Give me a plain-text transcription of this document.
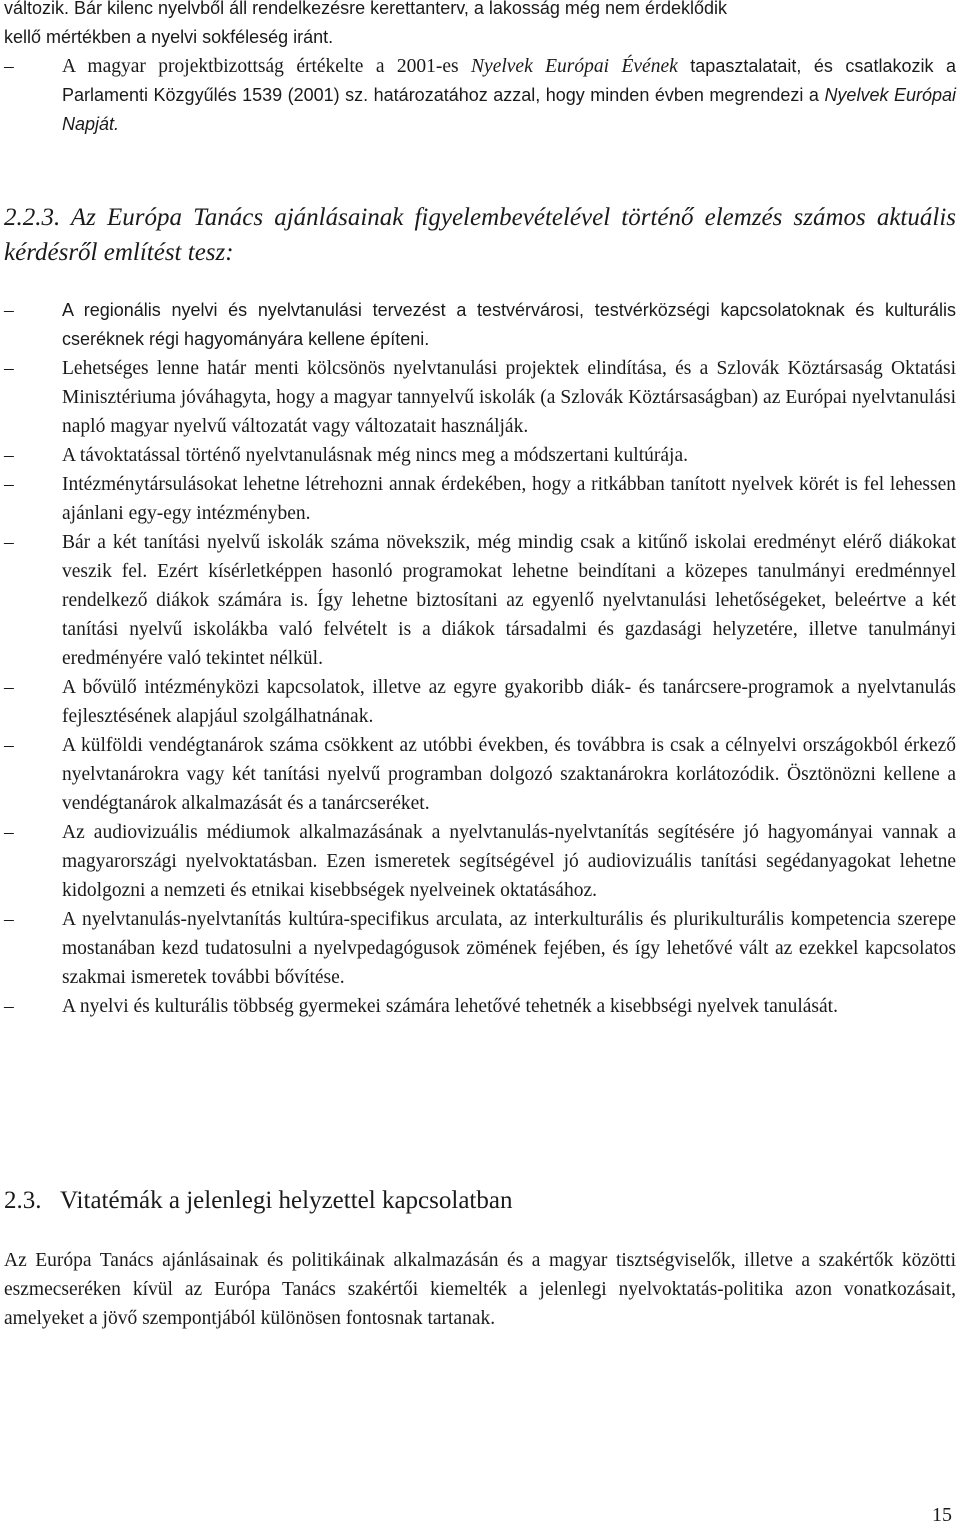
változik. Bár kilenc nyelvből áll rendelkezésre kerettanterv, a lakosság még nem érdeklődik
kellő mértékben a nyelvi sokféleség iránt.
–	A magyar projektbizottság értékelte a 2001-es Nyelvek Európai Évének tapasztalatait, és csatlakozik a Parlamenti Közgyűlés 1539 (2001) sz. határozatához azzal, hogy minden évben megrendezi a Nyelvek Európai Napját.
2.2.3. Az Európa Tanács ajánlásainak figyelembevételével történő elemzés számos aktuális kérdésről említést tesz:
–	A regionális nyelvi és nyelvtanulási tervezést a testvérvárosi, testvérközségi kapcsolatoknak és kulturális cseréknek régi hagyományára kellene építeni.
–	Lehetséges lenne határ menti kölcsönös nyelvtanulási projektek elindítása, és a Szlovák Köztársaság Oktatási Minisztériuma jóváhagyta, hogy a magyar tannyelvű iskolák (a Szlovák Köztársaságban) az Európai nyelvtanulási napló magyar nyelvű változatát vagy változatait használják.
–	A távoktatással történő nyelvtanulásnak még nincs meg a módszertani kultúrája.
–	Intézménytársulásokat lehetne létrehozni annak érdekében, hogy a ritkábban tanított nyelvek körét is fel lehessen ajánlani egy-egy intézményben.
–	Bár a két tanítási nyelvű iskolák száma növekszik, még mindig csak a kitűnő iskolai eredményt elérő diákokat veszik fel. Ezért kísérletképpen hasonló programokat lehetne beindítani a közepes tanulmányi eredménnyel rendelkező diákok számára is. Így lehetne biztosítani az egyenlő nyelvtanulási lehetőségeket, beleértve a két tanítási nyelvű iskolákba való felvételt is a diákok társadalmi és gazdasági helyzetére, illetve tanulmányi eredményére való tekintet nélkül.
–	A bővülő intézményközi kapcsolatok, illetve az egyre gyakoribb diák- és tanárcsere-programok a nyelvtanulás fejlesztésének alapjául szolgálhatnának.
–	A külföldi vendégtanárok száma csökkent az utóbbi években, és továbbra is csak a célnyelvi országokból érkező nyelvtanárokra vagy két tanítási nyelvű programban dolgozó szaktanárokra korlátozódik. Ösztönözni kellene a vendégtanárok alkalmazását és a tanárcseréket.
–	Az audiovizuális médiumok alkalmazásának a nyelvtanulás-nyelvtanítás segítésére jó hagyományai vannak a magyarországi nyelvoktatásban. Ezen ismeretek segítségével jó audiovizuális tanítási segédanyagokat lehetne kidolgozni a nemzeti és etnikai kisebbségek nyelveinek oktatásához.
–	A nyelvtanulás-nyelvtanítás kultúra-specifikus arculata, az interkulturális és plurikulturális kompetencia szerepe mostanában kezd tudatosulni a nyelvpedagógusok zömének fejében, és így lehetővé vált az ezekkel kapcsolatos szakmai ismeretek további bővítése.
–	A nyelvi és kulturális többség gyermekei számára lehetővé tehetnék a kisebbségi nyelvek tanulását.
2.3. Vitatémák a jelenlegi helyzettel kapcsolatban
Az Európa Tanács ajánlásainak és politikáinak alkalmazásán és a magyar tisztségviselők, illetve a szakértők közötti eszmecseréken kívül az Európa Tanács szakértői kiemelték a jelenlegi nyelvoktatás-politika azon vonatkozásait, amelyeket a jövő szempontjából különösen fontosnak tartanak.
15
